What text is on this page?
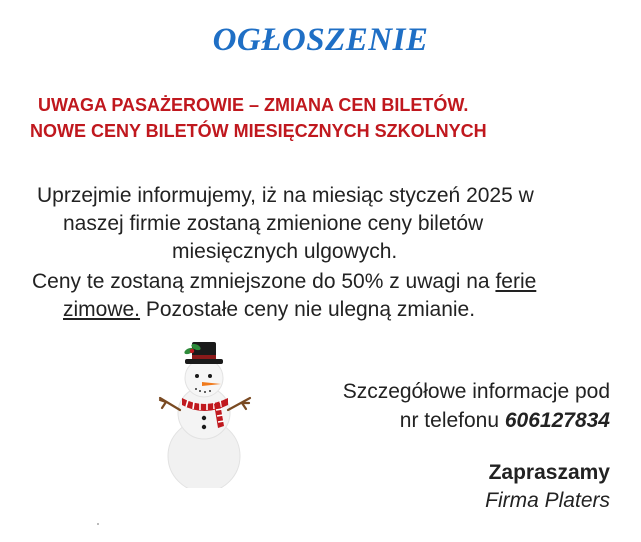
OGŁOSZENIE
UWAGA PASAŻEROWIE – ZMIANA CEN BILETÓW.
NOWE CENY BILETÓW MIESIĘCZNYCH SZKOLNYCH
Uprzejmie informujemy, iż na miesiąc styczeń 2025 w
naszej firmie zostaną zmienione ceny biletów
miesięcznych ulgowych.
Ceny te zostaną zmniejszone do 50% z uwagi na ferie
zimowe. Pozostałe ceny nie ulegną zmianie.
Szczegółowe informacje pod
nr telefonu 606127834
Zapraszamy
Firma Platers
